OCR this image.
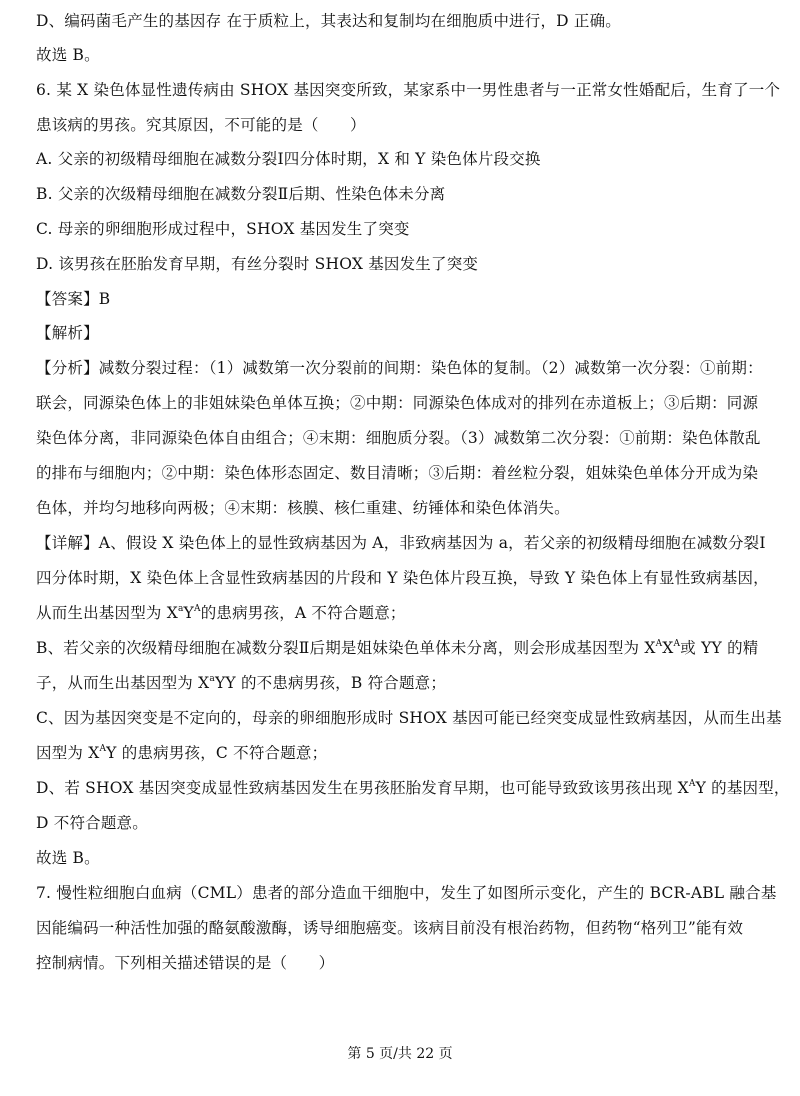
D、编码菌毛产生的基因存 在于质粒上，其表达和复制均在细胞质中进行，D 正确。
故选 B。
6. 某 X 染色体显性遗传病由 SHOX 基因突变所致，某家系中一男性患者与一正常女性婚配后，生育了一个
患该病的男孩。究其原因，不可能的是（　　）
A. 父亲的初级精母细胞在减数分裂Ⅰ四分体时期，X 和 Y 染色体片段交换
B. 父亲的次级精母细胞在减数分裂Ⅱ后期、性染色体未分离
C. 母亲的卵细胞形成过程中，SHOX 基因发生了突变
D. 该男孩在胚胎发育早期，有丝分裂时 SHOX 基因发生了突变
【答案】B
【解析】
【分析】减数分裂过程：（1）减数第一次分裂前的间期：染色体的复制。（2）减数第一次分裂：①前期：
联会，同源染色体上的非姐妹染色单体互换；②中期：同源染色体成对的排列在赤道板上；③后期：同源
染色体分离，非同源染色体自由组合；④末期：细胞质分裂。（3）减数第二次分裂：①前期：染色体散乱
的排布与细胞内；②中期：染色体形态固定、数目清晰；③后期：着丝粒分裂，姐妹染色单体分开成为染
色体，并均匀地移向两极；④末期：核膜、核仁重建、纺锤体和染色体消失。
【详解】A、假设 X 染色体上的显性致病基因为 A，非致病基因为 a，若父亲的初级精母细胞在减数分裂Ⅰ
四分体时期，X 染色体上含显性致病基因的片段和 Y 染色体片段互换，导致 Y 染色体上有显性致病基因，
从而生出基因型为 $X^aY^A$的患病男孩，A 不符合题意；
B、若父亲的次级精母细胞在减数分裂Ⅱ后期是姐妹染色单体未分离，则会形成基因型为 $X^AX^A$或 YY 的精
子，从而生出基因型为 $X^aYY$ 的不患病男孩，B 符合题意；
C、因为基因突变是不定向的，母亲的卵细胞形成时 SHOX 基因可能已经突变成显性致病基因，从而生出基
因型为 $X^AY$ 的患病男孩，C 不符合题意；
D、若 SHOX 基因突变成显性致病基因发生在男孩胚胎发育早期，也可能导致致该男孩出现 $X^AY$ 的基因型，
D 不符合题意。
故选 B。
7. 慢性粒细胞白血病（CML）患者的部分造血干细胞中，发生了如图所示变化，产生的 BCR-ABL 融合基
因能编码一种活性加强的酪氨酸激酶，诱导细胞癌变。该病目前没有根治药物，但药物“格列卫”能有效
控制病情。下列相关描述错误的是（　　）
第 5 页/共 22 页
